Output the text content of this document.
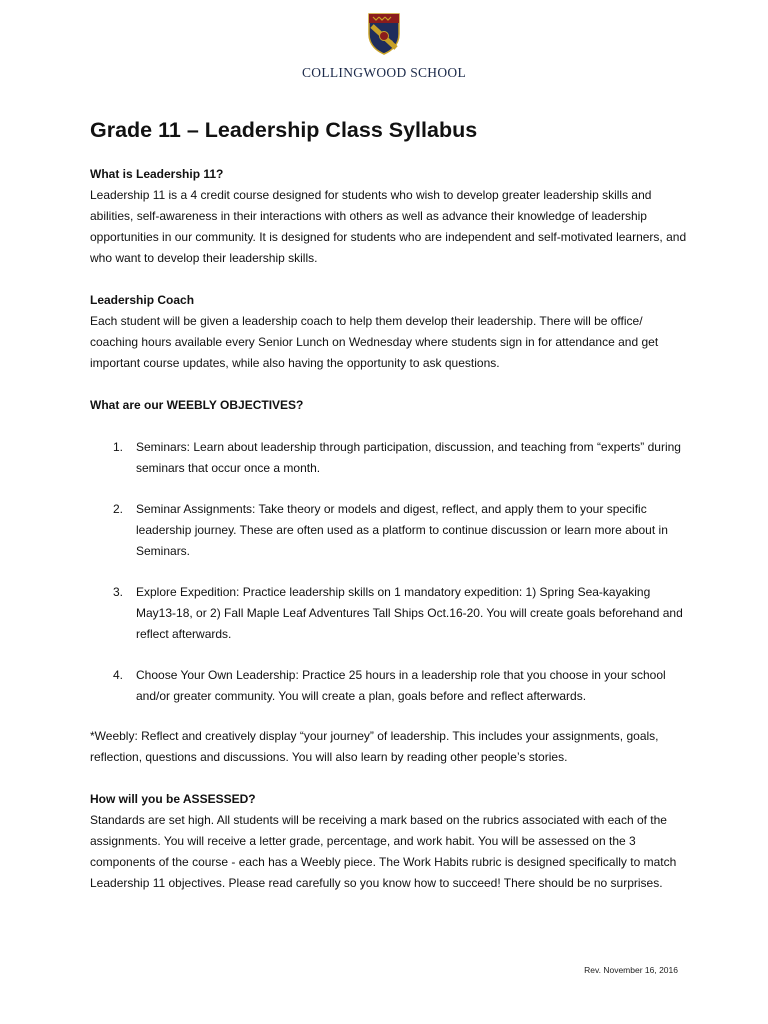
COLLINGWOOD SCHOOL
Grade 11 – Leadership Class Syllabus

What is Leadership 11?

Leadership 11 is a 4 credit course designed for students who wish to develop greater leadership skills and abilities, self-awareness in their interactions with others as well as advance their knowledge of leadership opportunities in our community. It is designed for students who are independent and self-motivated learners, and who want to develop their leadership skills.

Leadership Coach

Each student will be given a leadership coach to help them develop their leadership. There will be office/ coaching hours available every Senior Lunch on Wednesday where students sign in for attendance and get important course updates, while also having the opportunity to ask questions.

What are our WEEBLY OBJECTIVES?

1. Seminars: Learn about leadership through participation, discussion, and teaching from “experts” during seminars that occur once a month.
2. Seminar Assignments: Take theory or models and digest, reflect, and apply them to your specific leadership journey. These are often used as a platform to continue discussion or learn more about in Seminars.
3. Explore Expedition: Practice leadership skills on 1 mandatory expedition: 1) Spring Sea-kayaking May13-18, or 2) Fall Maple Leaf Adventures Tall Ships Oct.16-20. You will create goals beforehand and reflect afterwards.
4. Choose Your Own Leadership: Practice 25 hours in a leadership role that you choose in your school and/or greater community. You will create a plan, goals before and reflect afterwards.

*Weebly: Reflect and creatively display “your journey” of leadership. This includes your assignments, goals, reflection, questions and discussions. You will also learn by reading other people’s stories.

How will you be ASSESSED?

Standards are set high. All students will be receiving a mark based on the rubrics associated with each of the assignments. You will receive a letter grade, percentage, and work habit. You will be assessed on the 3 components of the course - each has a Weebly piece. The Work Habits rubric is designed specifically to match Leadership 11 objectives. Please read carefully so you know how to succeed! There should be no surprises.

Rev. November 16, 2016
